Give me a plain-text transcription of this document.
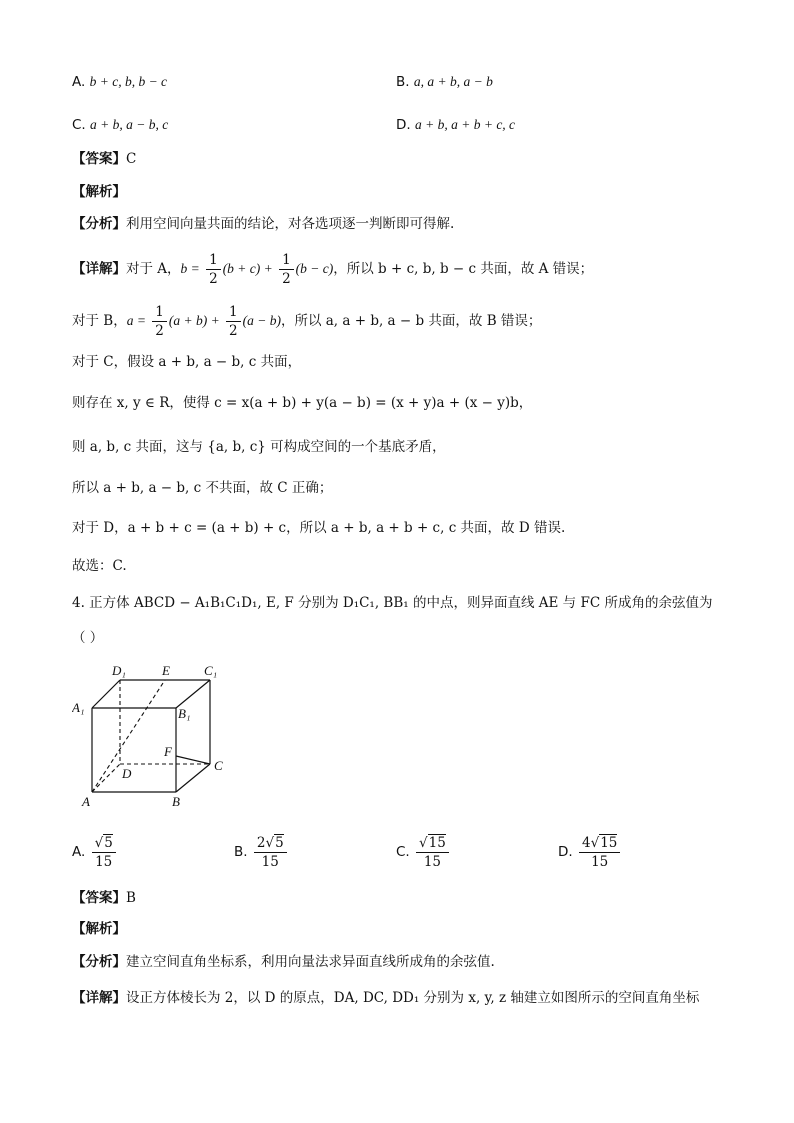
A. b + c, b, b − c	B. a, a + b, a − b
C. a + b, a − b, c	D. a + b, a + b + c, c
【答案】C
【解析】
【分析】利用空间向量共面的结论，对各选项逐一判断即可得解.
【详解】对于 A，$b = \frac{1}{2} (b + c) + \frac{1}{2} (b - c)$，所以 b + c, b, b − c 共面，故 A 错误；
对于 B，$a = \frac{1}{2} (a + b) + \frac{1}{2} (a - b)$，所以 a, a + b, a − b 共面，故 B 错误；
对于 C，假设 a + b, a − b, c 共面，
则存在 x, y ∈ R，使得 c = x(a + b) + y(a − b) = (x + y)a + (x − y)b，
则 a, b, c 共面，这与 {a, b, c} 可构成空间的一个基底矛盾，
所以 a + b, a − b, c 不共面，故 C 正确；
对于 D，a + b + c = (a + b) + c，所以 a + b, a + b + c, c 共面，故 D 错误.
故选：C.
4. 正方体 ABCD − A₁B₁C₁D₁, E, F 分别为 D₁C₁, BB₁ 的中点，则异面直线 AE 与 FC 所成角的余弦值为
（ ）
D₁	E	C₁
A₁	B₁
F
C
D
A	B
A. $\frac{√5}{15}$	B. $\frac{2√5}{15}$	C. $\frac{√15}{15}$	D. $\frac{4√15}{15}$
【答案】B
【解析】
【分析】建立空间直角坐标系，利用向量法求异面直线所成角的余弦值.
【详解】设正方体棱长为 2，以 D 的原点，DA, DC, DD₁ 分别为 x, y, z 轴建立如图所示的空间直角坐标
